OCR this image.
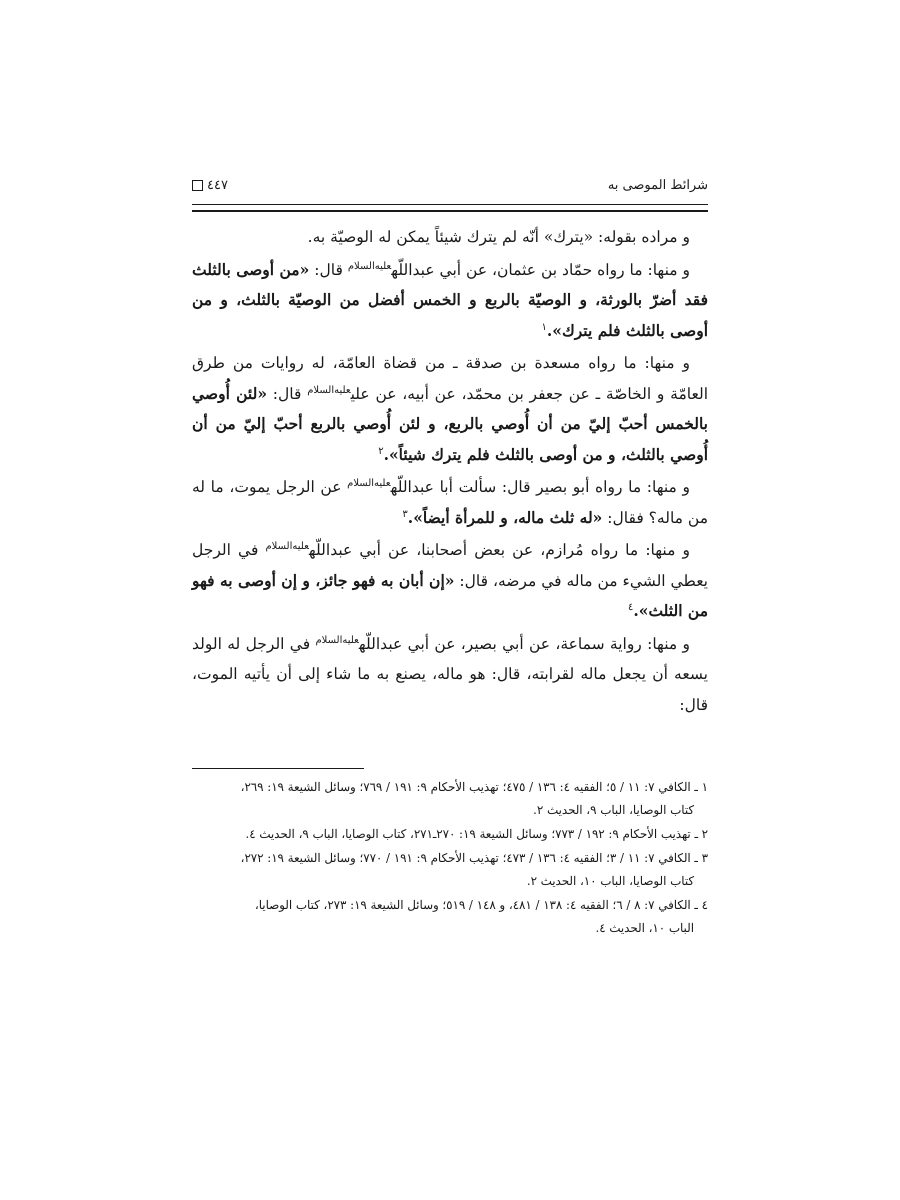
شرائط الموصى به
٤٤٧

و مراده بقوله: «يترك» أنّه لم يترك شيئاً يمكن له الوصيّة به.

و منها: ما رواه حمّاد بن عثمان، عن أبي عبداللّه$^{عليه‌السلام}$ قال: «من أوصى بالثلث فقد أضرّ بالورثة، و الوصيّة بالربع و الخمس أفضل من الوصيّة بالثلث، و من أوصى بالثلث فلم يترك».$^١$

و منها: ما رواه مسعدة بن صدقة ـ من قضاة العامّة، له روايات من طرق العامّة و الخاصّة ـ عن جعفر بن محمّد، عن أبيه، عن علي$^{عليه‌السلام}$ قال: «لئن أُوصي بالخمس أحبّ إليّ من أن أُوصي بالربع، و لئن أُوصي بالربع أحبّ إليّ من أن أُوصي بالثلث، و من أوصى بالثلث فلم يترك شيئاً».$^٢$

و منها: ما رواه أبو بصير قال: سألت أبا عبداللّه$^{عليه‌السلام}$ عن الرجل يموت، ما له من ماله؟ فقال: «له ثلث ماله، و للمرأة أيضاً».$^٣$

و منها: ما رواه مُرازم، عن بعض أصحابنا، عن أبي عبداللّه$^{عليه‌السلام}$ في الرجل يعطي الشيء من ماله في مرضه، قال: «إن أبان به فهو جائز، و إن أوصى به فهو من الثلث».$^٤$

و منها: رواية سماعة، عن أبي بصير، عن أبي عبداللّه$^{عليه‌السلام}$ في الرجل له الولد يسعه أن يجعل ماله لقرابته، قال: هو ماله، يصنع به ما شاء إلى أن يأتيه الموت، قال:

١ ـ الكافي ٧: ١١ / ٥؛ الفقيه ٤: ١٣٦ / ٤٧٥؛ تهذيب الأحكام ٩: ١٩١ / ٧٦٩؛ وسائل الشيعة ١٩: ٢٦٩،
كتاب الوصايا، الباب ٩، الحديث ٢.
٢ ـ تهذيب الأحكام ٩: ١٩٢ / ٧٧٣؛ وسائل الشيعة ١٩: ٢٧٠ـ٢٧١، كتاب الوصايا، الباب ٩، الحديث ٤.
٣ ـ الكافي ٧: ١١ / ٣؛ الفقيه ٤: ١٣٦ / ٤٧٣؛ تهذيب الأحكام ٩: ١٩١ / ٧٧٠؛ وسائل الشيعة ١٩: ٢٧٢،
كتاب الوصايا، الباب ١٠، الحديث ٢.
٤ ـ الكافي ٧: ٨ / ٦؛ الفقيه ٤: ١٣٨ / ٤٨١، و ١٤٨ / ٥١٩؛ وسائل الشيعة ١٩: ٢٧٣، كتاب الوصايا،
الباب ١٠، الحديث ٤.
